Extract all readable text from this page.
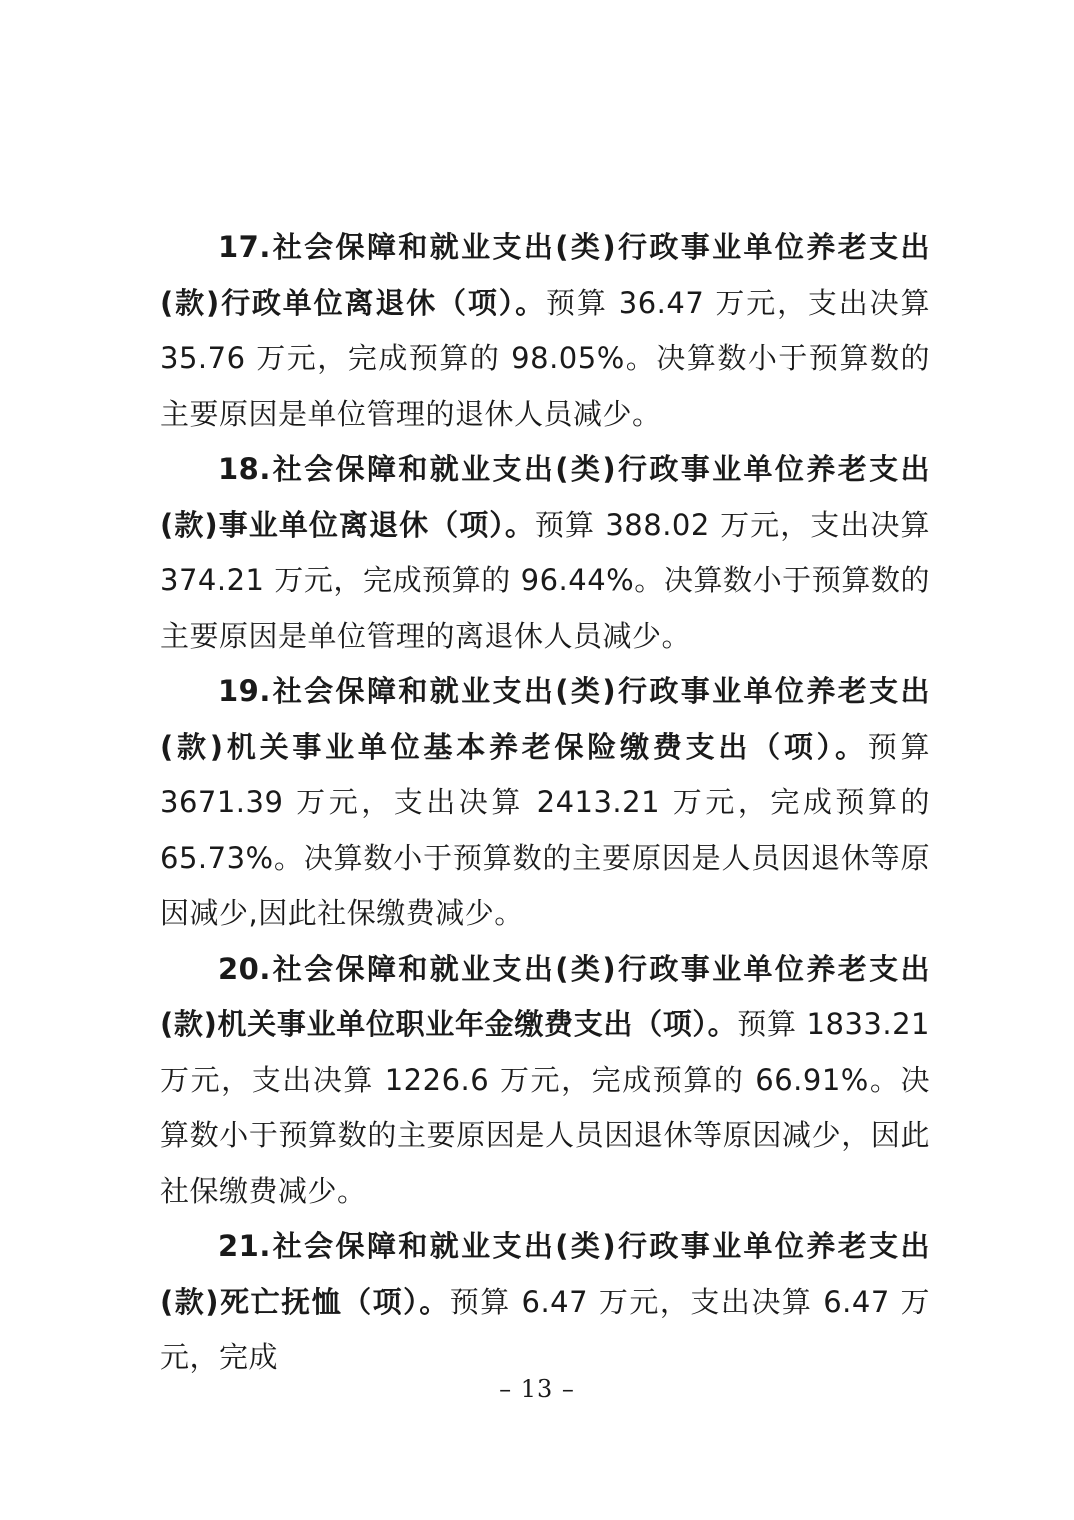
17.社会保障和就业支出(类)行政事业单位养老支出(款)行政单位离退休（项）。预算 36.47 万元，支出决算 35.76 万元，完成预算的 98.05%。决算数小于预算数的主要原因是单位管理的退休人员减少。

18.社会保障和就业支出(类)行政事业单位养老支出(款)事业单位离退休（项）。预算 388.02 万元，支出决算 374.21 万元，完成预算的 96.44%。决算数小于预算数的主要原因是单位管理的离退休人员减少。

19.社会保障和就业支出(类)行政事业单位养老支出(款)机关事业单位基本养老保险缴费支出（项）。预算 3671.39 万元，支出决算 2413.21 万元，完成预算的 65.73%。决算数小于预算数的主要原因是人员因退休等原因减少,因此社保缴费减少。

20.社会保障和就业支出(类)行政事业单位养老支出(款)机关事业单位职业年金缴费支出（项）。预算 1833.21 万元，支出决算 1226.6 万元，完成预算的 66.91%。决算数小于预算数的主要原因是人员因退休等原因减少，因此社保缴费减少。

21.社会保障和就业支出(类)行政事业单位养老支出(款)死亡抚恤（项）。预算 6.47 万元，支出决算 6.47 万元，完成

– 13 –
